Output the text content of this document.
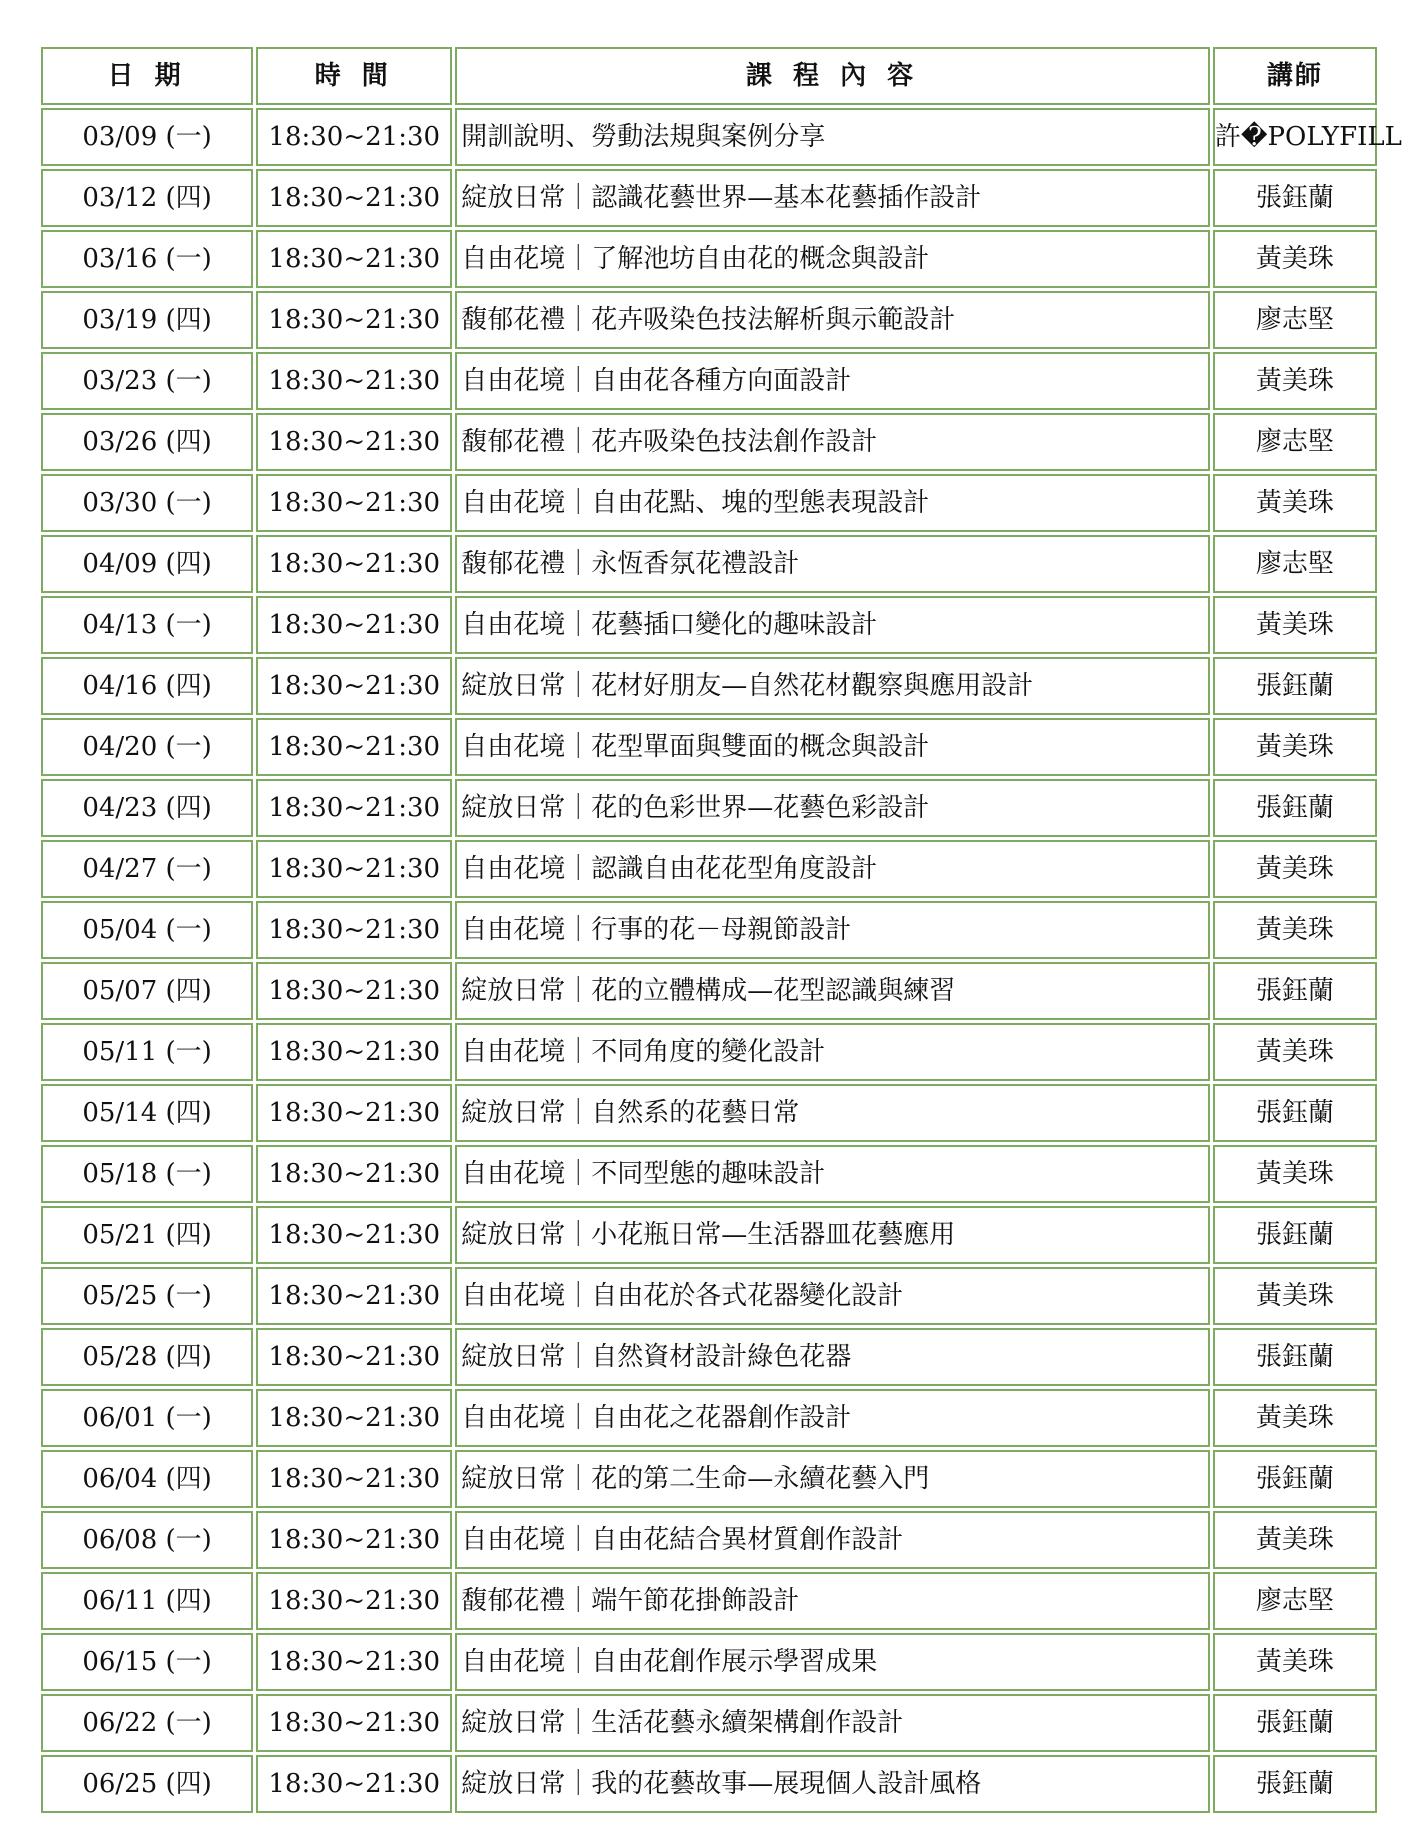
日 期	時 間	課 程 內 容	講師
03/09 (一)	18:30~21:30	開訓說明、勞動法規與案例分享	許�POLYFILL
03/12 (四)	18:30~21:30	綻放日常｜認識花藝世界—基本花藝插作設計	張鈺蘭
03/16 (一)	18:30~21:30	自由花境｜了解池坊自由花的概念與設計	黃美珠
03/19 (四)	18:30~21:30	馥郁花禮｜花卉吸染色技法解析與示範設計	廖志堅
03/23 (一)	18:30~21:30	自由花境｜自由花各種方向面設計	黃美珠
03/26 (四)	18:30~21:30	馥郁花禮｜花卉吸染色技法創作設計	廖志堅
03/30 (一)	18:30~21:30	自由花境｜自由花點、塊的型態表現設計	黃美珠
04/09 (四)	18:30~21:30	馥郁花禮｜永恆香氛花禮設計	廖志堅
04/13 (一)	18:30~21:30	自由花境｜花藝插口變化的趣味設計	黃美珠
04/16 (四)	18:30~21:30	綻放日常｜花材好朋友—自然花材觀察與應用設計	張鈺蘭
04/20 (一)	18:30~21:30	自由花境｜花型單面與雙面的概念與設計	黃美珠
04/23 (四)	18:30~21:30	綻放日常｜花的色彩世界—花藝色彩設計	張鈺蘭
04/27 (一)	18:30~21:30	自由花境｜認識自由花花型角度設計	黃美珠
05/04 (一)	18:30~21:30	自由花境｜行事的花－母親節設計	黃美珠
05/07 (四)	18:30~21:30	綻放日常｜花的立體構成—花型認識與練習	張鈺蘭
05/11 (一)	18:30~21:30	自由花境｜不同角度的變化設計	黃美珠
05/14 (四)	18:30~21:30	綻放日常｜自然系的花藝日常	張鈺蘭
05/18 (一)	18:30~21:30	自由花境｜不同型態的趣味設計	黃美珠
05/21 (四)	18:30~21:30	綻放日常｜小花瓶日常—生活器皿花藝應用	張鈺蘭
05/25 (一)	18:30~21:30	自由花境｜自由花於各式花器變化設計	黃美珠
05/28 (四)	18:30~21:30	綻放日常｜自然資材設計綠色花器	張鈺蘭
06/01 (一)	18:30~21:30	自由花境｜自由花之花器創作設計	黃美珠
06/04 (四)	18:30~21:30	綻放日常｜花的第二生命—永續花藝入門	張鈺蘭
06/08 (一)	18:30~21:30	自由花境｜自由花結合異材質創作設計	黃美珠
06/11 (四)	18:30~21:30	馥郁花禮｜端午節花掛飾設計	廖志堅
06/15 (一)	18:30~21:30	自由花境｜自由花創作展示學習成果	黃美珠
06/22 (一)	18:30~21:30	綻放日常｜生活花藝永續架構創作設計	張鈺蘭
06/25 (四)	18:30~21:30	綻放日常｜我的花藝故事—展現個人設計風格	張鈺蘭
